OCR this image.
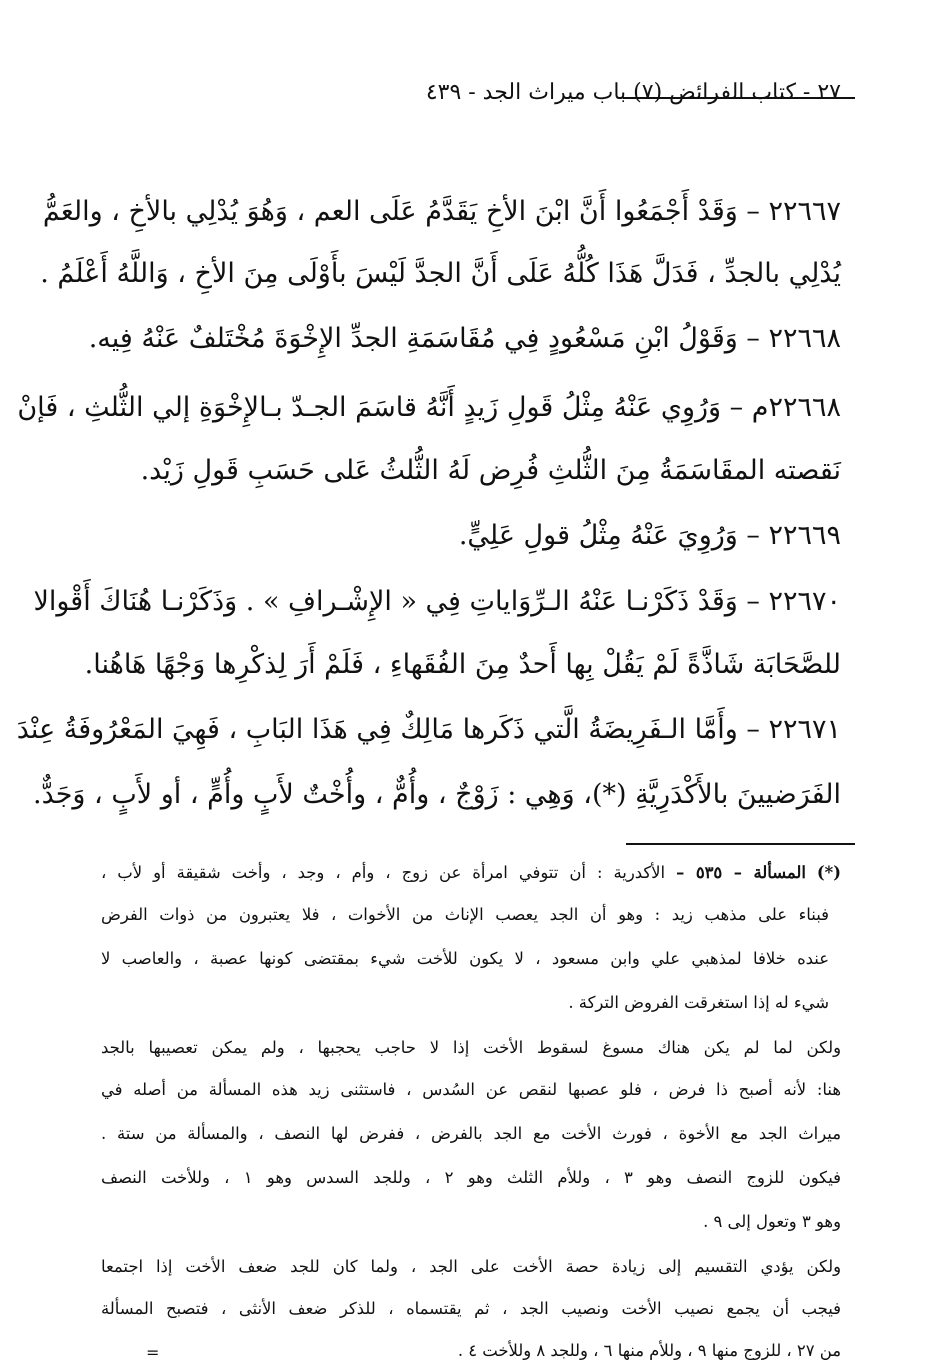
٢٧ - كتاب الفرائض (٧) باب ميراث الجد - ٤٣٩
٢٢٦٦٧ – وَقَدْ أَجْمَعُوا أَنَّ ابْنَ الأخِ يَقَدَّمُ عَلَى العم ، وَهُوَ يُدْلِي بالأخِ ، والعَمُّ
يُدْلِي بالجدِّ ، فَدَلَّ هَذَا كُلُّهُ عَلَى أَنَّ الجدَّ لَيْسَ بأَوْلَى مِنَ الأخِ ، وَاللَّهُ أَعْلَمُ .
٢٢٦٦٨ – وَقَوْلُ ابْنِ مَسْعُودٍ فِي مُقَاسَمَةِ الجدِّ الإِخْوَةَ مُخْتَلفٌ عَنْهُ فِيه.
٢٢٦٦٨م – وَرُوِي عَنْهُ مِثْلُ قَولِ زَيدٍ أَنَّهُ قاسَمَ الجـدّ بـالإِخْوَةِ إلي الثُّلثِ ، فَإنْ
نَقصته المقَاسَمَةُ مِنَ الثُّلثِ فُرِض لَهُ الثُّلثُ عَلى حَسَبِ قَولِ زَيْد.
٢٢٦٦٩ – وَرُوِيَ عَنْهُ مِثْلُ قولِ عَلِيٍّ.
٢٢٦٧٠ – وَقَدْ ذَكَرْنـا عَنْهُ الـرِّوَاياتِ فِي « الإِشْـرافِ » . وَذَكَرْنـا هُنَاكَ أَقْوالا
للصَّحَابَة شَاذَّةً لَمْ يَقُلْ بِها أَحدٌ مِنَ الفُقَهاءِ ، فَلَمْ أَرَ لِذكْرِها وَجْهًا هَاهُنا.
٢٢٦٧١ – وأَمَّا الـفَرِيضَةُ الَّتي ذَكَرها مَالِكٌ فِي هَذَا البَابِ ، فَهِيَ المَعْرُوفَةُ عِنْدَ
الفَرَضيينَ بالأَكْدَرِيَّةِ (*)، وَهِي : زَوْجٌ ، وأُمٌّ ، وأُخْتٌ لأَبٍ وأُمٍّ ، أو لأَبٍ ، وَجَدٌّ.
(*) المسألة – ٥٣٥ – الأكدرية : أن تتوفي امرأة عن زوج ، وأم ، وجد ، وأخت شقيقة أو لأب ،
فبناء على مذهب زيد : وهو أن الجد يعصب الإناث من الأخوات ، فلا يعتبرون من ذوات الفرض
عنده خلافا لمذهبي علي وابن مسعود ، لا يكون للأخت شيء بمقتضى كونها عصبة ، والعاصب لا
شيء له إذا استغرقت الفروض التركة .
ولكن لما لم يكن هناك مسوغ لسقوط الأخت إذا لا حاجب يحجبها ، ولم يمكن تعصيبها بالجد
هنا: لأنه أصبح ذا فرض ، فلو عصبها لنقص عن السُدس ، فاستثنى زيد هذه المسألة من أصله في
ميراث الجد مع الأخوة ، فورث الأخت مع الجد بالفرض ، ففرض لها النصف ، والمسألة من ستة .
فيكون للزوج النصف وهو ٣ ، وللأم الثلث وهو ٢ ، وللجد السدس وهو ١ ، وللأخت النصف
وهو ٣ وتعول إلى ٩ .
ولكن يؤدي التقسيم إلى زيادة حصة الأخت على الجد ، ولما كان للجد ضعف الأخت إذا اجتمعا
فيجب أن يجمع نصيب الأخت ونصيب الجد ، ثم يقتسماه ، للذكر ضعف الأنثى ، فتصبح المسألة
من ٢٧ ، للزوج منها ٩ ، وللأم منها ٦ ، وللجد ٨ وللأخت ٤ .
=
